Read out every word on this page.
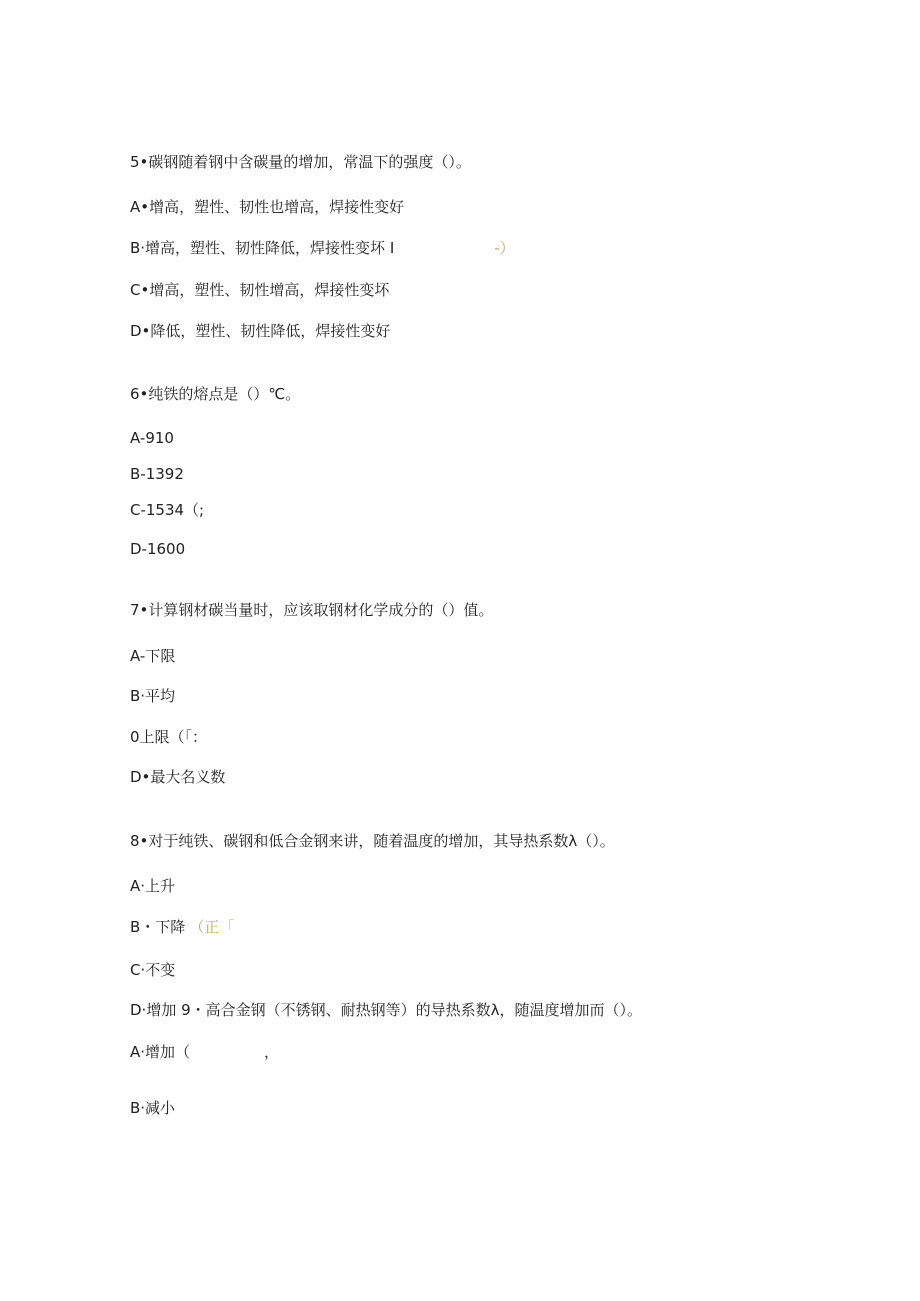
5•碳钢随着钢中含碳量的增加，常温下的强度（）。
A•增高，塑性、韧性也增高，焊接性变好
B·增高，塑性、韧性降低，焊接性变坏 I	-）
C•增高，塑性、韧性增高，焊接性变坏
D•降低，塑性、韧性降低，焊接性变好
6•纯铁的熔点是（）℃。
A-910
B-1392
C-1534（;
D-1600
7•计算钢材碳当量时，应该取钢材化学成分的（）值。
A-下限
B·平均
0上限（「：
D•最大名义数
8•对于纯铁、碳钢和低合金钢来讲，随着温度的增加，其导热系数λ（）。
A·上升
B・下降 （正「
C·不变
D·增加 9・高合金钢（不锈钢、耐热钢等）的导热系数λ，随温度增加而（）。
A·增加（	，
B·减小
